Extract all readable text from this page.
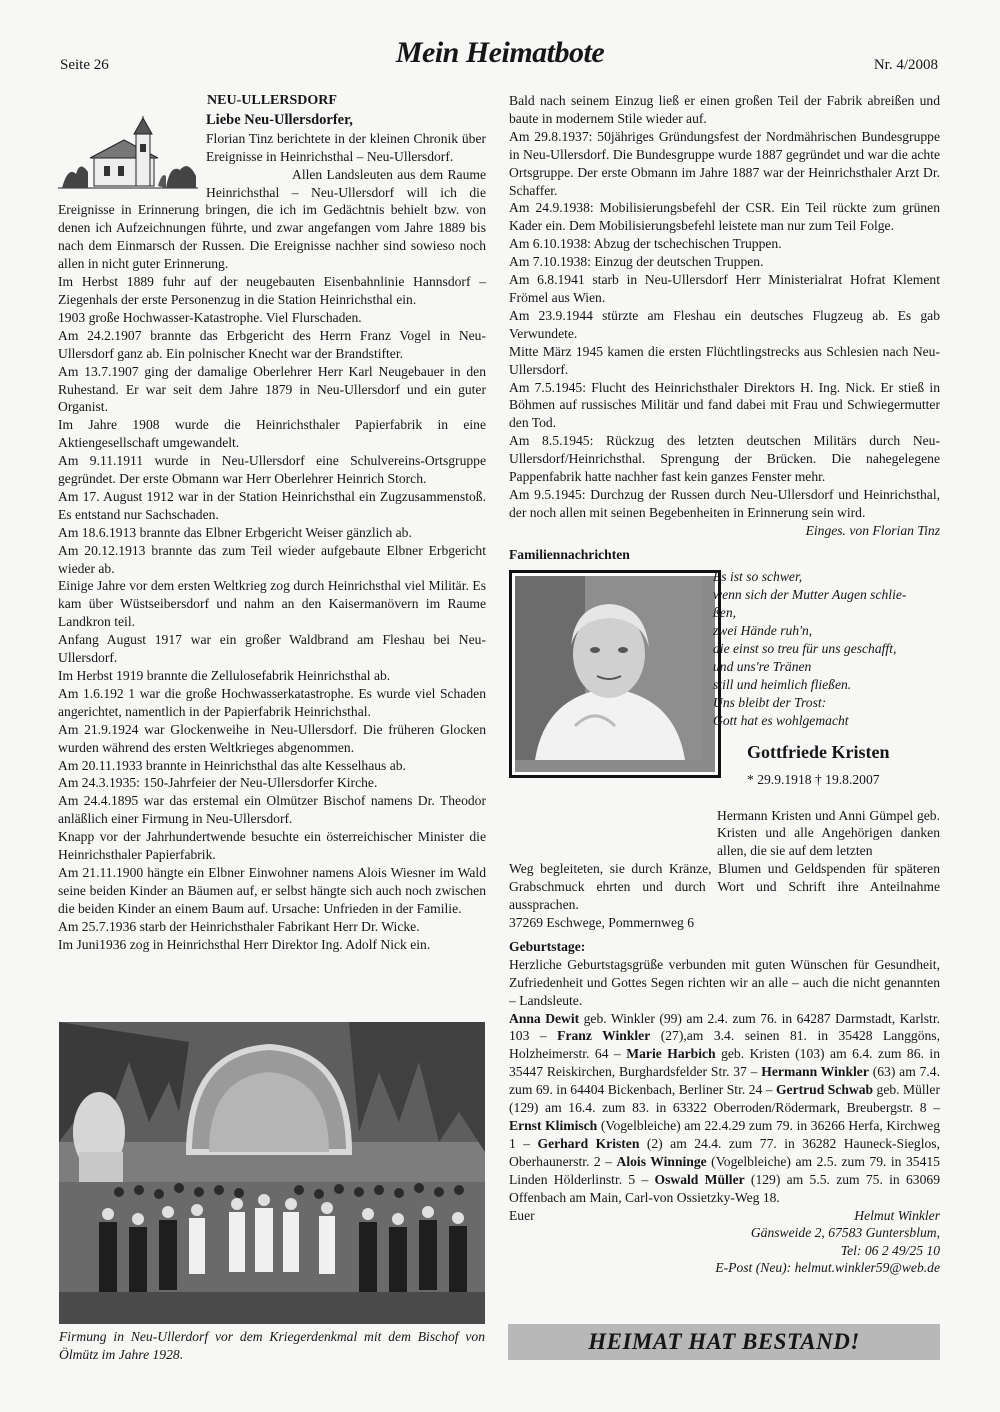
Seite 26	Mein Heimatbote	Nr. 4/2008

NEU-ULLERSDORF

Liebe Neu-Ullersdorfer,

Florian Tinz berichtete in der kleinen Chronik über Ereignisse in Heinrichsthal – Neu-Ullersdorf.

Allen Landsleuten aus dem Raume Heinrichsthal – Neu-Ullersdorf will ich die Ereignisse in Erinnerung bringen, die ich im Gedächtnis behielt bzw. von denen ich Aufzeichnungen führte, und zwar angefangen vom Jahre 1889 bis nach dem Einmarsch der Russen. Die Ereignisse nachher sind sowieso noch allen in nicht guter Erinnerung.

Im Herbst 1889 fuhr auf der neugebauten Eisenbahnlinie Hannsdorf – Ziegenhals der erste Personenzug in die Station Heinrichsthal ein.

1903 große Hochwasser-Katastrophe. Viel Flurschaden.

Am 24.2.1907 brannte das Erbgericht des Herrn Franz Vogel in Neu-Ullersdorf ganz ab. Ein polnischer Knecht war der Brandstifter.

Am 13.7.1907 ging der damalige Oberlehrer Herr Karl Neugebauer in den Ruhestand. Er war seit dem Jahre 1879 in Neu-Ullersdorf und ein guter Organist.

Im Jahre 1908 wurde die Heinrichsthaler Papierfabrik in eine Aktiengesellschaft umgewandelt.

Am 9.11.1911 wurde in Neu-Ullersdorf eine Schulvereins-Ortsgruppe gegründet. Der erste Obmann war Herr Oberlehrer Heinrich Storch.

Am 17. August 1912 war in der Station Heinrichsthal ein Zugzusammenstoß. Es entstand nur Sachschaden.

Am 18.6.1913 brannte das Elbner Erbgericht Weiser gänzlich ab.

Am 20.12.1913 brannte das zum Teil wieder aufgebaute Elbner Erbgericht wieder ab.

Einige Jahre vor dem ersten Weltkrieg zog durch Heinrichsthal viel Militär. Es kam über Wüstseibersdorf und nahm an den Kaisermanövern im Raume Landkron teil.

Anfang August 1917 war ein großer Waldbrand am Fleshau bei Neu-Ullersdorf.

Im Herbst 1919 brannte die Zellulosefabrik Heinrichsthal ab.

Am 1.6.192 1 war die große Hochwasserkatastrophe. Es wurde viel Schaden angerichtet, namentlich in der Papierfabrik Heinrichsthal.

Am 21.9.1924 war Glockenweihe in Neu-Ullersdorf. Die früheren Glocken wurden während des ersten Weltkrieges abgenommen.

Am 20.11.1933 brannte in Heinrichsthal das alte Kesselhaus ab.

Am 24.3.1935: 150-Jahrfeier der Neu-Ullersdorfer Kirche.

Am 24.4.1895 war das erstemal ein Olmützer Bischof namens Dr. Theodor anläßlich einer Firmung in Neu-Ullersdorf.

Knapp vor der Jahrhundertwende besuchte ein österreichischer Minister die Heinrichsthaler Papierfabrik.

Am 21.11.1900 hängte ein Elbner Einwohner namens Alois Wiesner im Wald seine beiden Kinder an Bäumen auf, er selbst hängte sich auch noch zwischen die beiden Kinder an einem Baum auf. Ursache: Unfrieden in der Familie.

Am 25.7.1936 starb der Heinrichsthaler Fabrikant Herr Dr. Wicke.

Im Juni1936 zog in Heinrichsthal Herr Direktor Ing. Adolf Nick ein.

Firmung in Neu-Ullerdorf vor dem Kriegerdenkmal mit dem Bischof von Ölmütz im Jahre 1928.

Bald nach seinem Einzug ließ er einen großen Teil der Fabrik abreißen und baute in modernem Stile wieder auf.

Am 29.8.1937: 50jähriges Gründungsfest der Nordmährischen Bundesgruppe in Neu-Ullersdorf. Die Bundesgruppe wurde 1887 gegründet und war die achte Ortsgruppe. Der erste Obmann im Jahre 1887 war der Heinrichsthaler Arzt Dr. Schaffer.

Am 24.9.1938: Mobilisierungsbefehl der CSR. Ein Teil rückte zum grünen Kader ein. Dem Mobilisierungsbefehl leistete man nur zum Teil Folge.

Am 6.10.1938: Abzug der tschechischen Truppen.

Am 7.10.1938: Einzug der deutschen Truppen.

Am 6.8.1941 starb in Neu-Ullersdorf Herr Ministerialrat Hofrat Klement Frömel aus Wien.

Am 23.9.1944 stürzte am Fleshau ein deutsches Flugzeug ab. Es gab Verwundete.

Mitte März 1945 kamen die ersten Flüchtlingstrecks aus Schlesien nach Neu-Ullersdorf.

Am 7.5.1945: Flucht des Heinrichsthaler Direktors H. Ing. Nick. Er stieß in Böhmen auf russisches Militär und fand dabei mit Frau und Schwiegermutter den Tod.

Am 8.5.1945: Rückzug des letzten deutschen Militärs durch Neu-Ullersdorf/Heinrichsthal. Sprengung der Brücken. Die nahegelegene Pappenfabrik hatte nachher fast kein ganzes Fenster mehr.

Am 9.5.1945: Durchzug der Russen durch Neu-Ullersdorf und Heinrichsthal, der noch allen mit seinen Begebenheiten in Erinnerung sein wird.

Einges. von Florian Tinz

Familiennachrichten

Es ist so schwer,
wenn sich der Mutter Augen schlie-
ßen,
zwei Hände ruh'n,
die einst so treu für uns geschafft,
und uns're Tränen
still und heimlich fließen.
Uns bleibt der Trost:
Gott hat es wohlgemacht
Gottfriede Kristen
* 29.9.1918 † 19.8.2007

Hermann Kristen und Anni Gümpel geb. Kristen und alle Angehörigen danken allen, die sie auf dem letzten

Weg begleiteten, sie durch Kränze, Blumen und Geldspenden für späteren Grabschmuck ehrten und durch Wort und Schrift ihre Anteilnahme aussprachen.

37269 Eschwege, Pommernweg 6

Geburtstage:

Herzliche Geburtstagsgrüße verbunden mit guten Wünschen für Gesundheit, Zufriedenheit und Gottes Segen richten wir an alle – auch die nicht genannten – Landsleute.

Anna Dewit geb. Winkler (99) am 2.4. zum 76. in 64287 Darmstadt, Karlstr. 103 – Franz Winkler (27),am 3.4. seinen 81. in 35428 Langgöns, Holzheimerstr. 64 – Marie Harbich geb. Kristen (103) am 6.4. zum 86. in 35447 Reiskirchen, Burghardsfelder Str. 37 – Hermann Winkler (63) am 7.4. zum 69. in 64404 Bickenbach, Berliner Str. 24 – Gertrud Schwab geb. Müller (129) am 16.4. zum 83. in 63322 Oberroden/Rödermark, Breubergstr. 8 – Ernst Klimisch (Vogelbleiche) am 22.4.29 zum 79. in 36266 Herfa, Kirchweg 1 – Gerhard Kristen (2) am 24.4. zum 77. in 36282 Hauneck-Sieglos, Oberhaunerstr. 2 – Alois Winninge (Vogelbleiche) am 2.5. zum 79. in 35415 Linden Hölderlinstr. 5 – Oswald Müller (129) am 5.5. zum 75. in 63069 Offenbach am Main, Carl-von Ossietzky-Weg 18.

Euer	Helmut Winkler
Gänsweide 2, 67583 Guntersblum,
Tel: 06 2 49/25 10
E-Post (Neu): helmut.winkler59@web.de
HEIMAT HAT BESTAND!
